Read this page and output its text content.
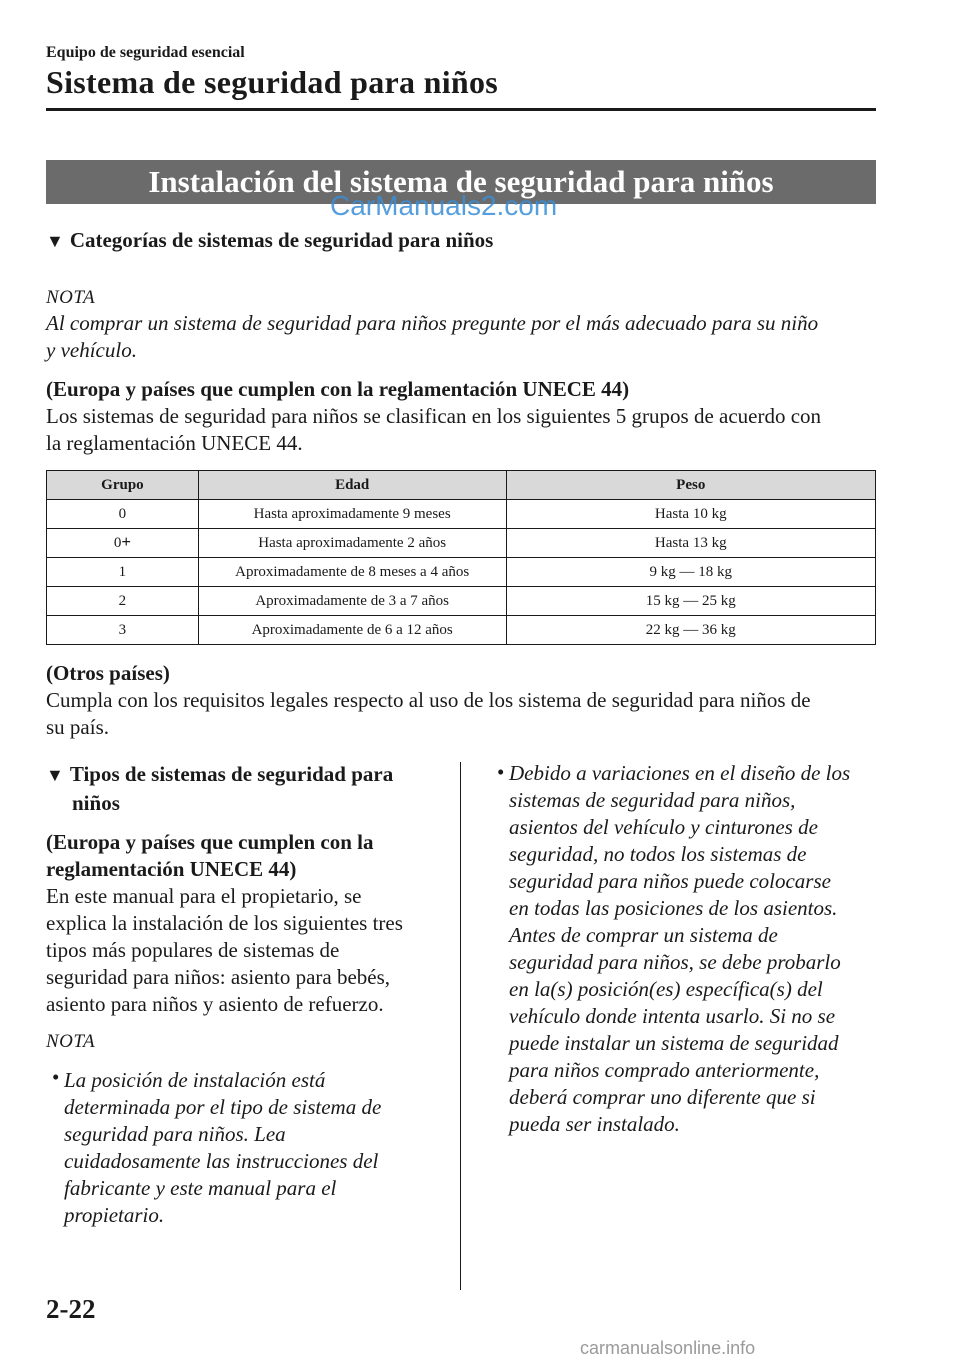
Equipo de seguridad esencial
Sistema de seguridad para niños
Instalación del sistema de seguridad para niños
CarManuals2.com
▼ Categorías de sistemas de seguridad para niños
NOTA
Al comprar un sistema de seguridad para niños pregunte por el más adecuado para su niño
y vehículo.
(Europa y países que cumplen con la reglamentación UNECE 44)
Los sistemas de seguridad para niños se clasifican en los siguientes 5 grupos de acuerdo con
la reglamentación UNECE 44.
Grupo	Edad	Peso
0	Hasta aproximadamente 9 meses	Hasta 10 kg
0+	Hasta aproximadamente 2 años	Hasta 13 kg
1	Aproximadamente de 8 meses a 4 años	9 kg — 18 kg
2	Aproximadamente de 3 a 7 años	15 kg — 25 kg
3	Aproximadamente de 6 a 12 años	22 kg — 36 kg
(Otros países)
Cumpla con los requisitos legales respecto al uso de los sistema de seguridad para niños de
su país.
▼ Tipos de sistemas de seguridad para
niños
(Europa y países que cumplen con la
reglamentación UNECE 44)
En este manual para el propietario, se
explica la instalación de los siguientes tres
tipos más populares de sistemas de
seguridad para niños: asiento para bebés,
asiento para niños y asiento de refuerzo.
NOTA
• La posición de instalación está
determinada por el tipo de sistema de
seguridad para niños. Lea
cuidadosamente las instrucciones del
fabricante y este manual para el
propietario.
• Debido a variaciones en el diseño de los
sistemas de seguridad para niños,
asientos del vehículo y cinturones de
seguridad, no todos los sistemas de
seguridad para niños puede colocarse
en todas las posiciones de los asientos.
Antes de comprar un sistema de
seguridad para niños, se debe probarlo
en la(s) posición(es) específica(s) del
vehículo donde intenta usarlo. Si no se
puede instalar un sistema de seguridad
para niños comprado anteriormente,
deberá comprar uno diferente que si
pueda ser instalado.
2-22
carmanualsonline.info
